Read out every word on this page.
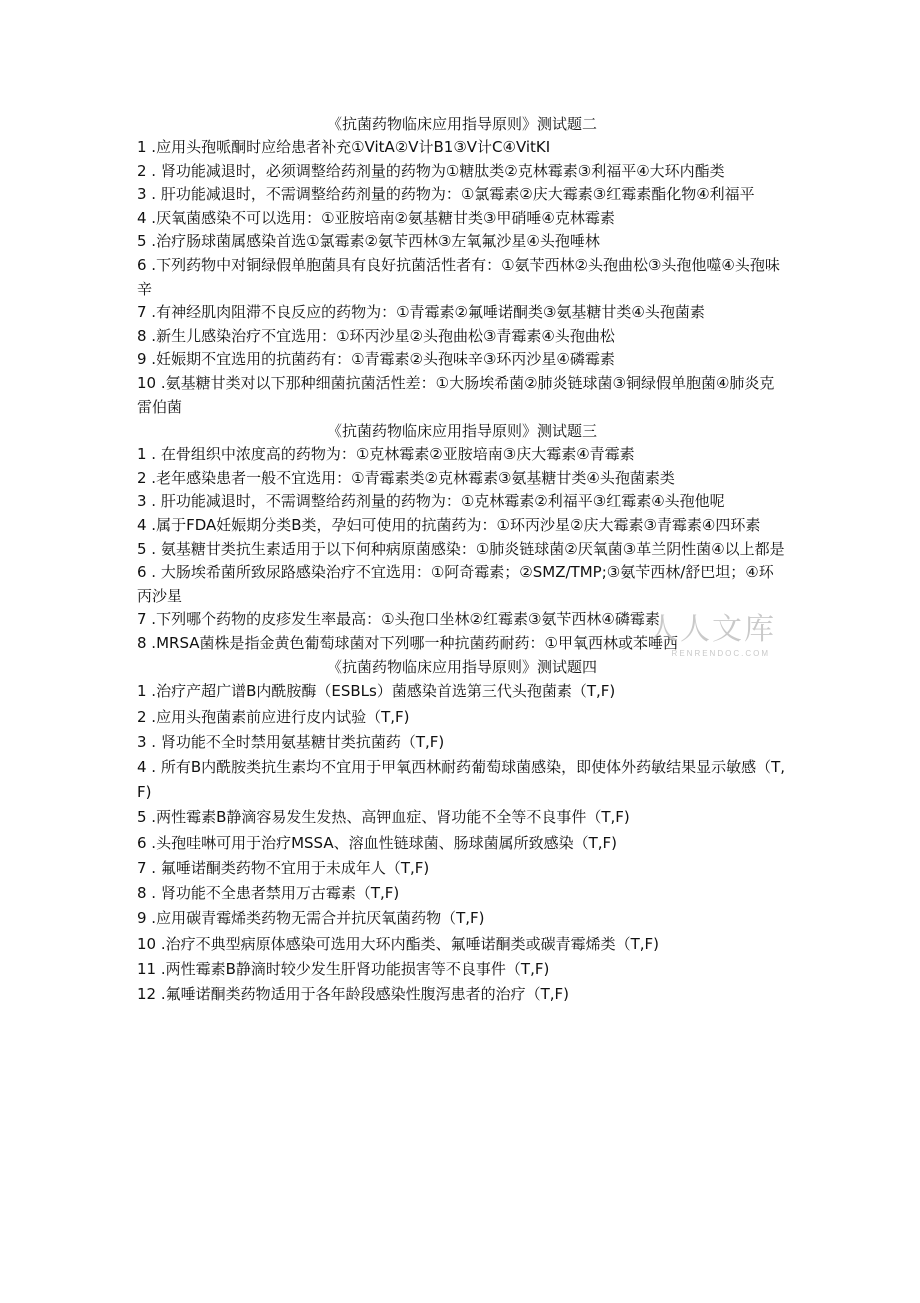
《抗菌药物临床应用指导原则》测试题二

1 .应用头孢哌酮时应给患者补充①VitA②V计B1③V计C④VitKI

2 . 肾功能减退时，必须调整给药剂量的药物为①糖肽类②克林霉素③利福平④大环内酯类

3 . 肝功能减退时，不需调整给药剂量的药物为：①氯霉素②庆大霉素③红霉素酯化物④利福平

4 .厌氧菌感染不可以选用：①亚胺培南②氨基糖甘类③甲硝唾④克林霉素

5 .治疗肠球菌属感染首选①氯霉素②氨苄西林③左氧氟沙星④头孢唾林

6 .下列药物中对铜绿假单胞菌具有良好抗菌活性者有：①氨苄西林②头孢曲松③头孢他噬④头孢味辛

7 .有神经肌肉阻滞不良反应的药物为：①青霉素②氟唾诺酮类③氨基糖甘类④头孢菌素

8 .新生儿感染治疗不宜选用：①环丙沙星②头孢曲松③青霉素④头孢曲松

9 .妊娠期不宜选用的抗菌药有：①青霉素②头孢味辛③环丙沙星④磷霉素

10 .氨基糖甘类对以下那种细菌抗菌活性差：①大肠埃希菌②肺炎链球菌③铜绿假单胞菌④肺炎克雷伯菌

《抗菌药物临床应用指导原则》测试题三

1 . 在骨组织中浓度高的药物为：①克林霉素②亚胺培南③庆大霉素④青霉素

2 .老年感染患者一般不宜选用：①青霉素类②克林霉素③氨基糖甘类④头孢菌素类

3 . 肝功能减退时，不需调整给药剂量的药物为：①克林霉素②利福平③红霉素④头孢他呢

4 .属于FDA妊娠期分类B类，孕妇可使用的抗菌药为：①环丙沙星②庆大霉素③青霉素④四环素

5 . 氨基糖甘类抗生素适用于以下何种病原菌感染：①肺炎链球菌②厌氧菌③革兰阴性菌④以上都是

6 . 大肠埃希菌所致尿路感染治疗不宜选用：①阿奇霉素；②SMZ/TMP;③氨苄西林/舒巴坦；④环丙沙星

7 .下列哪个药物的皮疹发生率最高：①头孢口坐林②红霉素③氨苄西林④磷霉素

8 .MRSA菌株是指金黄色葡萄球菌对下列哪一种抗菌药耐药：①甲氧西林或苯唾西

《抗菌药物临床应用指导原则》测试题四

1 .治疗产超广谱B内酰胺酶（ESBLs）菌感染首选第三代头孢菌素（T,F)

2 .应用头孢菌素前应进行皮内试验（T,F)

3 . 肾功能不全时禁用氨基糖甘类抗菌药（T,F)

4 . 所有B内酰胺类抗生素均不宜用于甲氧西林耐药葡萄球菌感染，即使体外药敏结果显示敏感（T,F)

5 .两性霉素B静滴容易发生发热、高钾血症、肾功能不全等不良事件（T,F)

6 .头孢哇啉可用于治疗MSSA、溶血性链球菌、肠球菌属所致感染（T,F)

7 . 氟唾诺酮类药物不宜用于未成年人（T,F)

8 . 肾功能不全患者禁用万古霉素（T,F)

9 .应用碳青霉烯类药物无需合并抗厌氧菌药物（T,F)

10 .治疗不典型病原体感染可选用大环内酯类、氟唾诺酮类或碳青霉烯类（T,F)

11 .两性霉素B静滴时较少发生肝肾功能损害等不良事件（T,F)

12 .氟唾诺酮类药物适用于各年龄段感染性腹泻患者的治疗（T,F)

人人文库
RENRENDOC.COM
